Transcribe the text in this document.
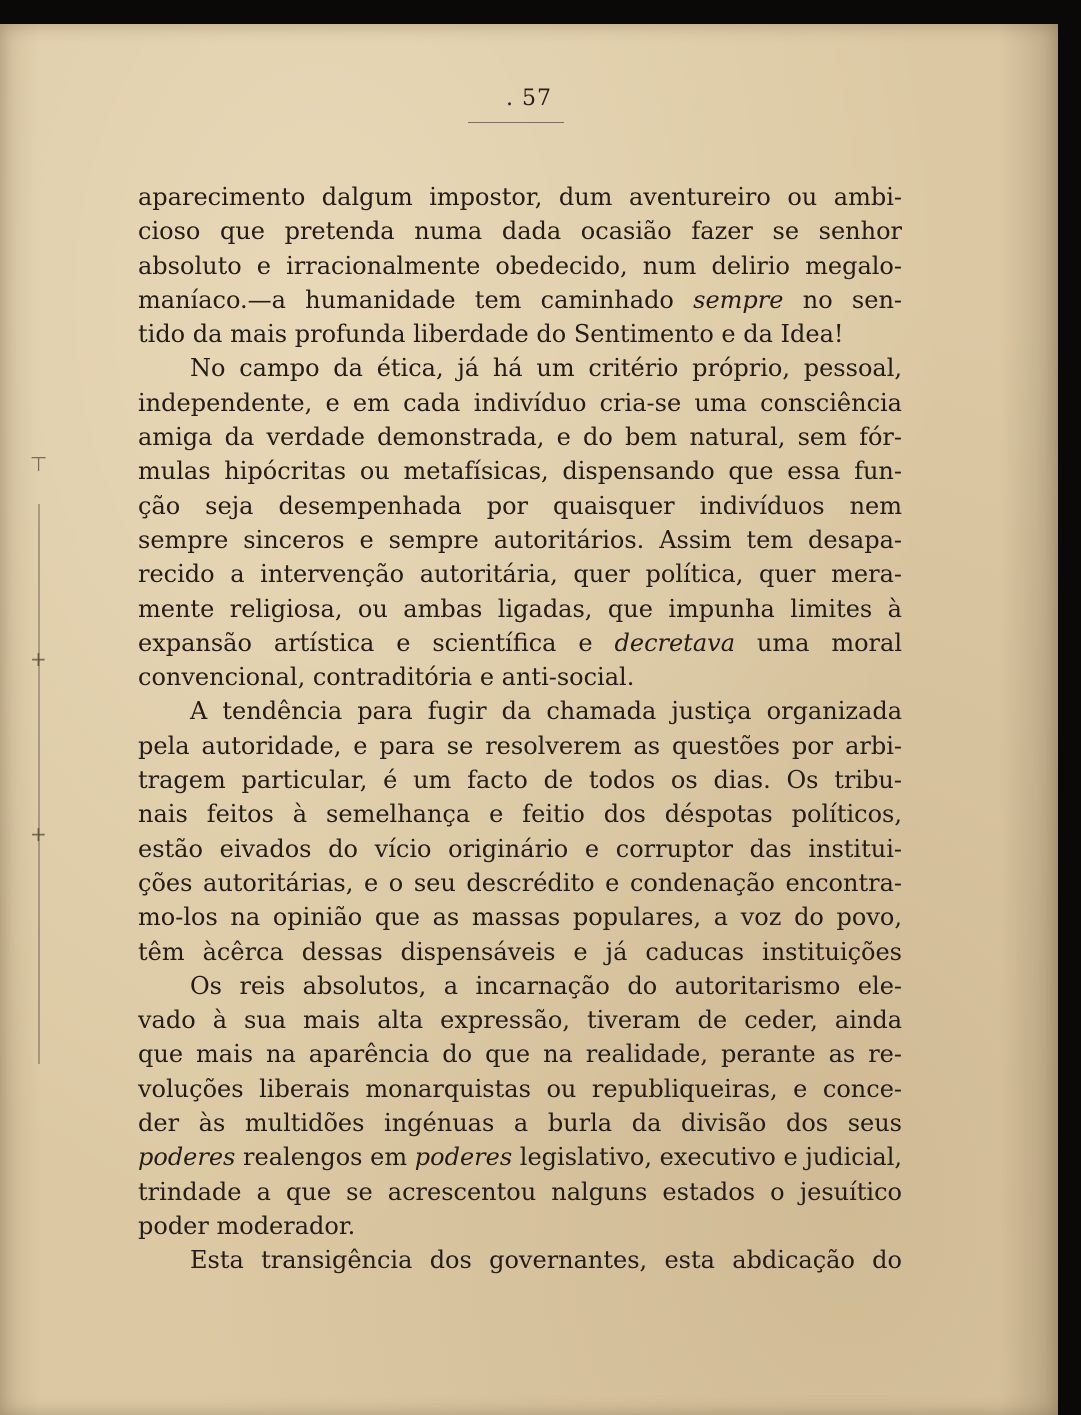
⊤
+
+
. 57
aparecimento dalgum impostor, dum aventureiro ou ambi-
cioso que pretenda numa dada ocasião fazer se senhor
absoluto e irracionalmente obedecido, num delirio megalo-
maníaco.—a humanidade tem caminhado sempre no sen-
tido da mais profunda liberdade do Sentimento e da Idea!
No campo da ética, já há um critério próprio, pessoal,
independente, e em cada indivíduo cria-se uma consciência
amiga da verdade demonstrada, e do bem natural, sem fór-
mulas hipócritas ou metafísicas, dispensando que essa fun-
ção seja desempenhada por quaisquer indivíduos nem
sempre sinceros e sempre autoritários. Assim tem desapa-
recido a intervenção autoritária, quer política, quer mera-
mente religiosa, ou ambas ligadas, que impunha limites à
expansão artística e scientífica e decretava uma moral
convencional, contraditória e anti-social.
A tendência para fugir da chamada justiça organizada
pela autoridade, e para se resolverem as questões por arbi-
tragem particular, é um facto de todos os dias. Os tribu-
nais feitos à semelhança e feitio dos déspotas políticos,
estão eivados do vício originário e corruptor das institui-
ções autoritárias, e o seu descrédito e condenação encontra-
mo-los na opinião que as massas populares, a voz do povo,
têm àcêrca dessas dispensáveis e já caducas instituições
Os reis absolutos, a incarnação do autoritarismo ele-
vado à sua mais alta expressão, tiveram de ceder, ainda
que mais na aparência do que na realidade, perante as re-
voluções liberais monarquistas ou republiqueiras, e conce-
der às multidões ingénuas a burla da divisão dos seus
poderes realengos em poderes legislativo, executivo e judicial,
trindade a que se acrescentou nalguns estados o jesuítico
poder moderador.
Esta transigência dos governantes, esta abdicação do
